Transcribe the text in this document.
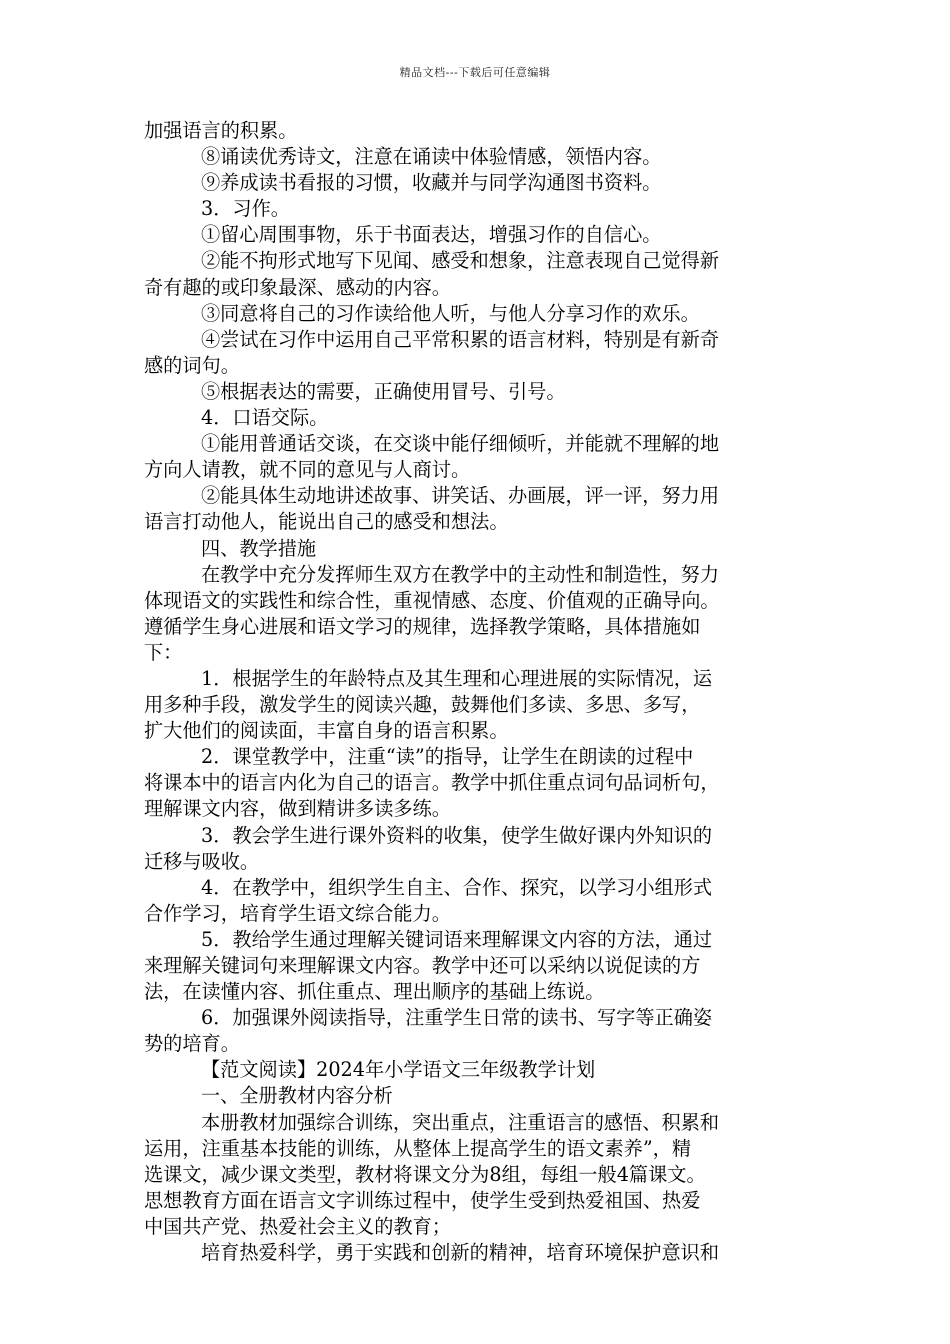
精品文档---下载后可任意编辑
加强语言的积累。
⑧诵读优秀诗文，注意在诵读中体验情感，领悟内容。
⑨养成读书看报的习惯，收藏并与同学沟通图书资料。
3．习作。
①留心周围事物，乐于书面表达，增强习作的自信心。
②能不拘形式地写下见闻、感受和想象，注意表现自己觉得新
奇有趣的或印象最深、感动的内容。
③同意将自己的习作读给他人听，与他人分享习作的欢乐。
④尝试在习作中运用自己平常积累的语言材料，特别是有新奇
感的词句。
⑤根据表达的需要，正确使用冒号、引号。
4．口语交际。
①能用普通话交谈，在交谈中能仔细倾听，并能就不理解的地
方向人请教，就不同的意见与人商讨。
②能具体生动地讲述故事、讲笑话、办画展，评一评，努力用
语言打动他人，能说出自己的感受和想法。
四、教学措施
在教学中充分发挥师生双方在教学中的主动性和制造性，努力
体现语文的实践性和综合性，重视情感、态度、价值观的正确导向。
遵循学生身心进展和语文学习的规律，选择教学策略，具体措施如
下：
1．根据学生的年龄特点及其生理和心理进展的实际情况，运
用多种手段，激发学生的阅读兴趣，鼓舞他们多读、多思、多写，
扩大他们的阅读面，丰富自身的语言积累。
2．课堂教学中，注重“读”的指导，让学生在朗读的过程中
将课本中的语言内化为自己的语言。教学中抓住重点词句品词析句，
理解课文内容，做到精讲多读多练。
3．教会学生进行课外资料的收集，使学生做好课内外知识的
迁移与吸收。
4．在教学中，组织学生自主、合作、探究，以学习小组形式
合作学习，培育学生语文综合能力。
5．教给学生通过理解关键词语来理解课文内容的方法，通过
来理解关键词句来理解课文内容。教学中还可以采纳以说促读的方
法，在读懂内容、抓住重点、理出顺序的基础上练说。
6．加强课外阅读指导，注重学生日常的读书、写字等正确姿
势的培育。
【范文阅读】2024年小学语文三年级教学计划
一、全册教材内容分析
本册教材加强综合训练，突出重点，注重语言的感悟、积累和
运用，注重基本技能的训练，从整体上提高学生的语文素养”，精
选课文，减少课文类型，教材将课文分为8组，每组一般4篇课文。
思想教育方面在语言文字训练过程中，使学生受到热爱祖国、热爱
中国共产党、热爱社会主义的教育；
培育热爱科学，勇于实践和创新的精神，培育环境保护意识和
